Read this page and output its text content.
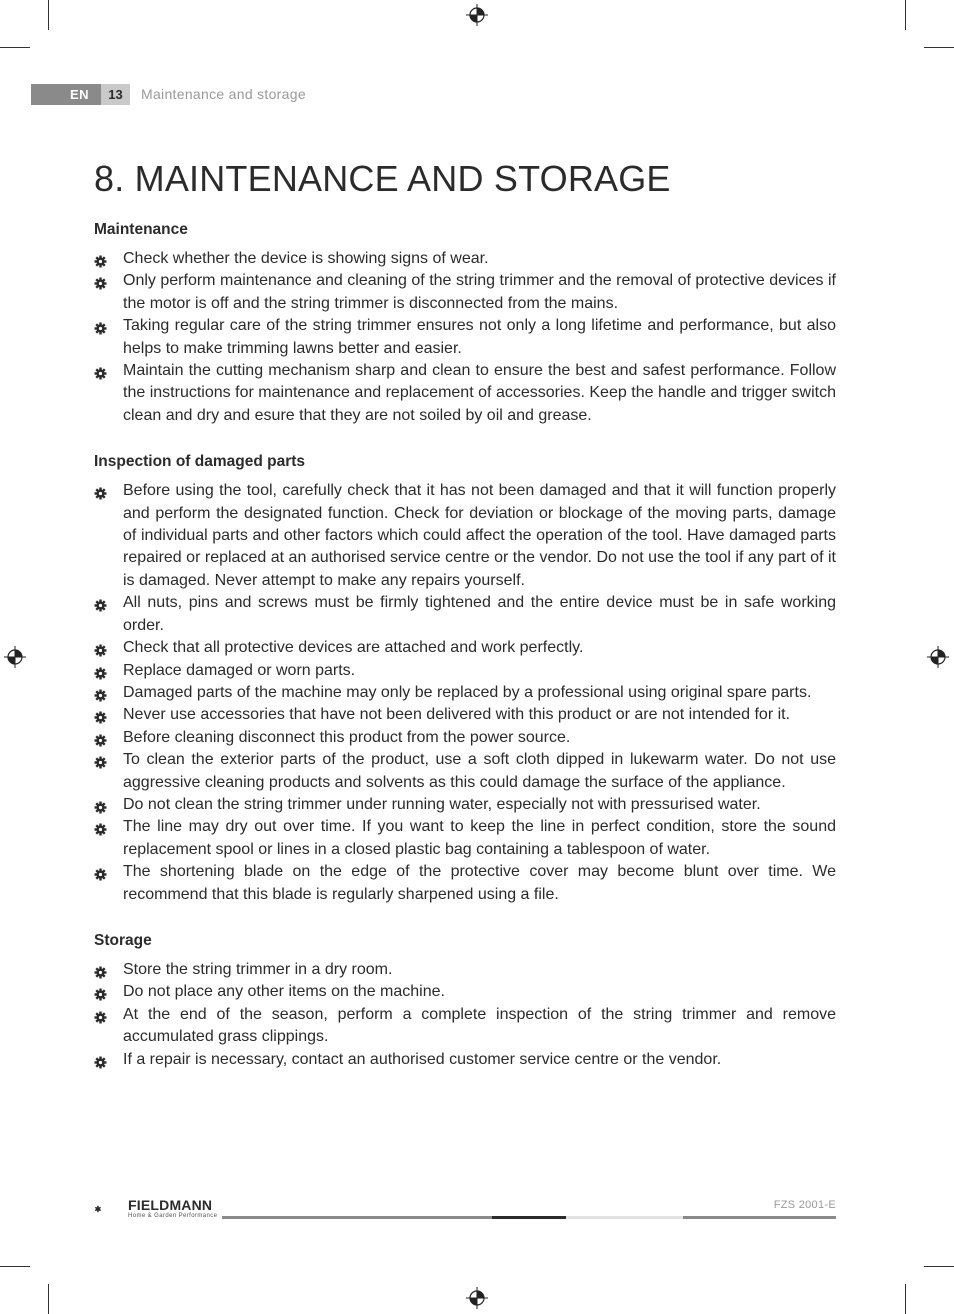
EN	13	Maintenance and storage
8. MAINTENANCE AND STORAGE
Maintenance
Check whether the device is showing signs of wear.
Only perform maintenance and cleaning of the string trimmer and the removal of protective devices if the motor is off and the string trimmer is disconnected from the mains.
Taking regular care of the string trimmer ensures not only a long lifetime and performance, but also helps to make trimming lawns better and easier.
Maintain the cutting mechanism sharp and clean to ensure the best and safest performance. Follow the instructions for maintenance and replacement of accessories. Keep the handle and trigger switch clean and dry and esure that they are not soiled by oil and grease.
Inspection of damaged parts
Before using the tool, carefully check that it has not been damaged and that it will function properly and perform the designated function. Check for deviation or blockage of the moving parts, damage of individual parts and other factors which could affect the operation of the tool. Have damaged parts repaired or replaced at an authorised service centre or the vendor. Do not use the tool if any part of it is damaged. Never attempt to make any repairs yourself.
All nuts, pins and screws must be firmly tightened and the entire device must be in safe working order.
Check that all protective devices are attached and work perfectly.
Replace damaged or worn parts.
Damaged parts of the machine may only be replaced by a professional using original spare parts.
Never use accessories that have not been delivered with this product or are not intended for it.
Before cleaning disconnect this product from the power source.
To clean the exterior parts of the product, use a soft cloth dipped in lukewarm water. Do not use aggressive cleaning products and solvents as this could damage the surface of the appliance.
Do not clean the string trimmer under running water, especially not with pressurised water.
The line may dry out over time. If you want to keep the line in perfect condition, store the sound replacement spool or lines in a closed plastic bag containing a tablespoon of water.
The shortening blade on the edge of the protective cover may become blunt over time. We recommend that this blade is regularly sharpened using a file.
Storage
Store the string trimmer in a dry room.
Do not place any other items on the machine.
At the end of the season, perform a complete inspection of the string trimmer and remove accumulated grass clippings.
If a repair is necessary, contact an authorised customer service centre or the vendor.
FIELDMANN
Home & Garden Performance
FZS 2001-E
